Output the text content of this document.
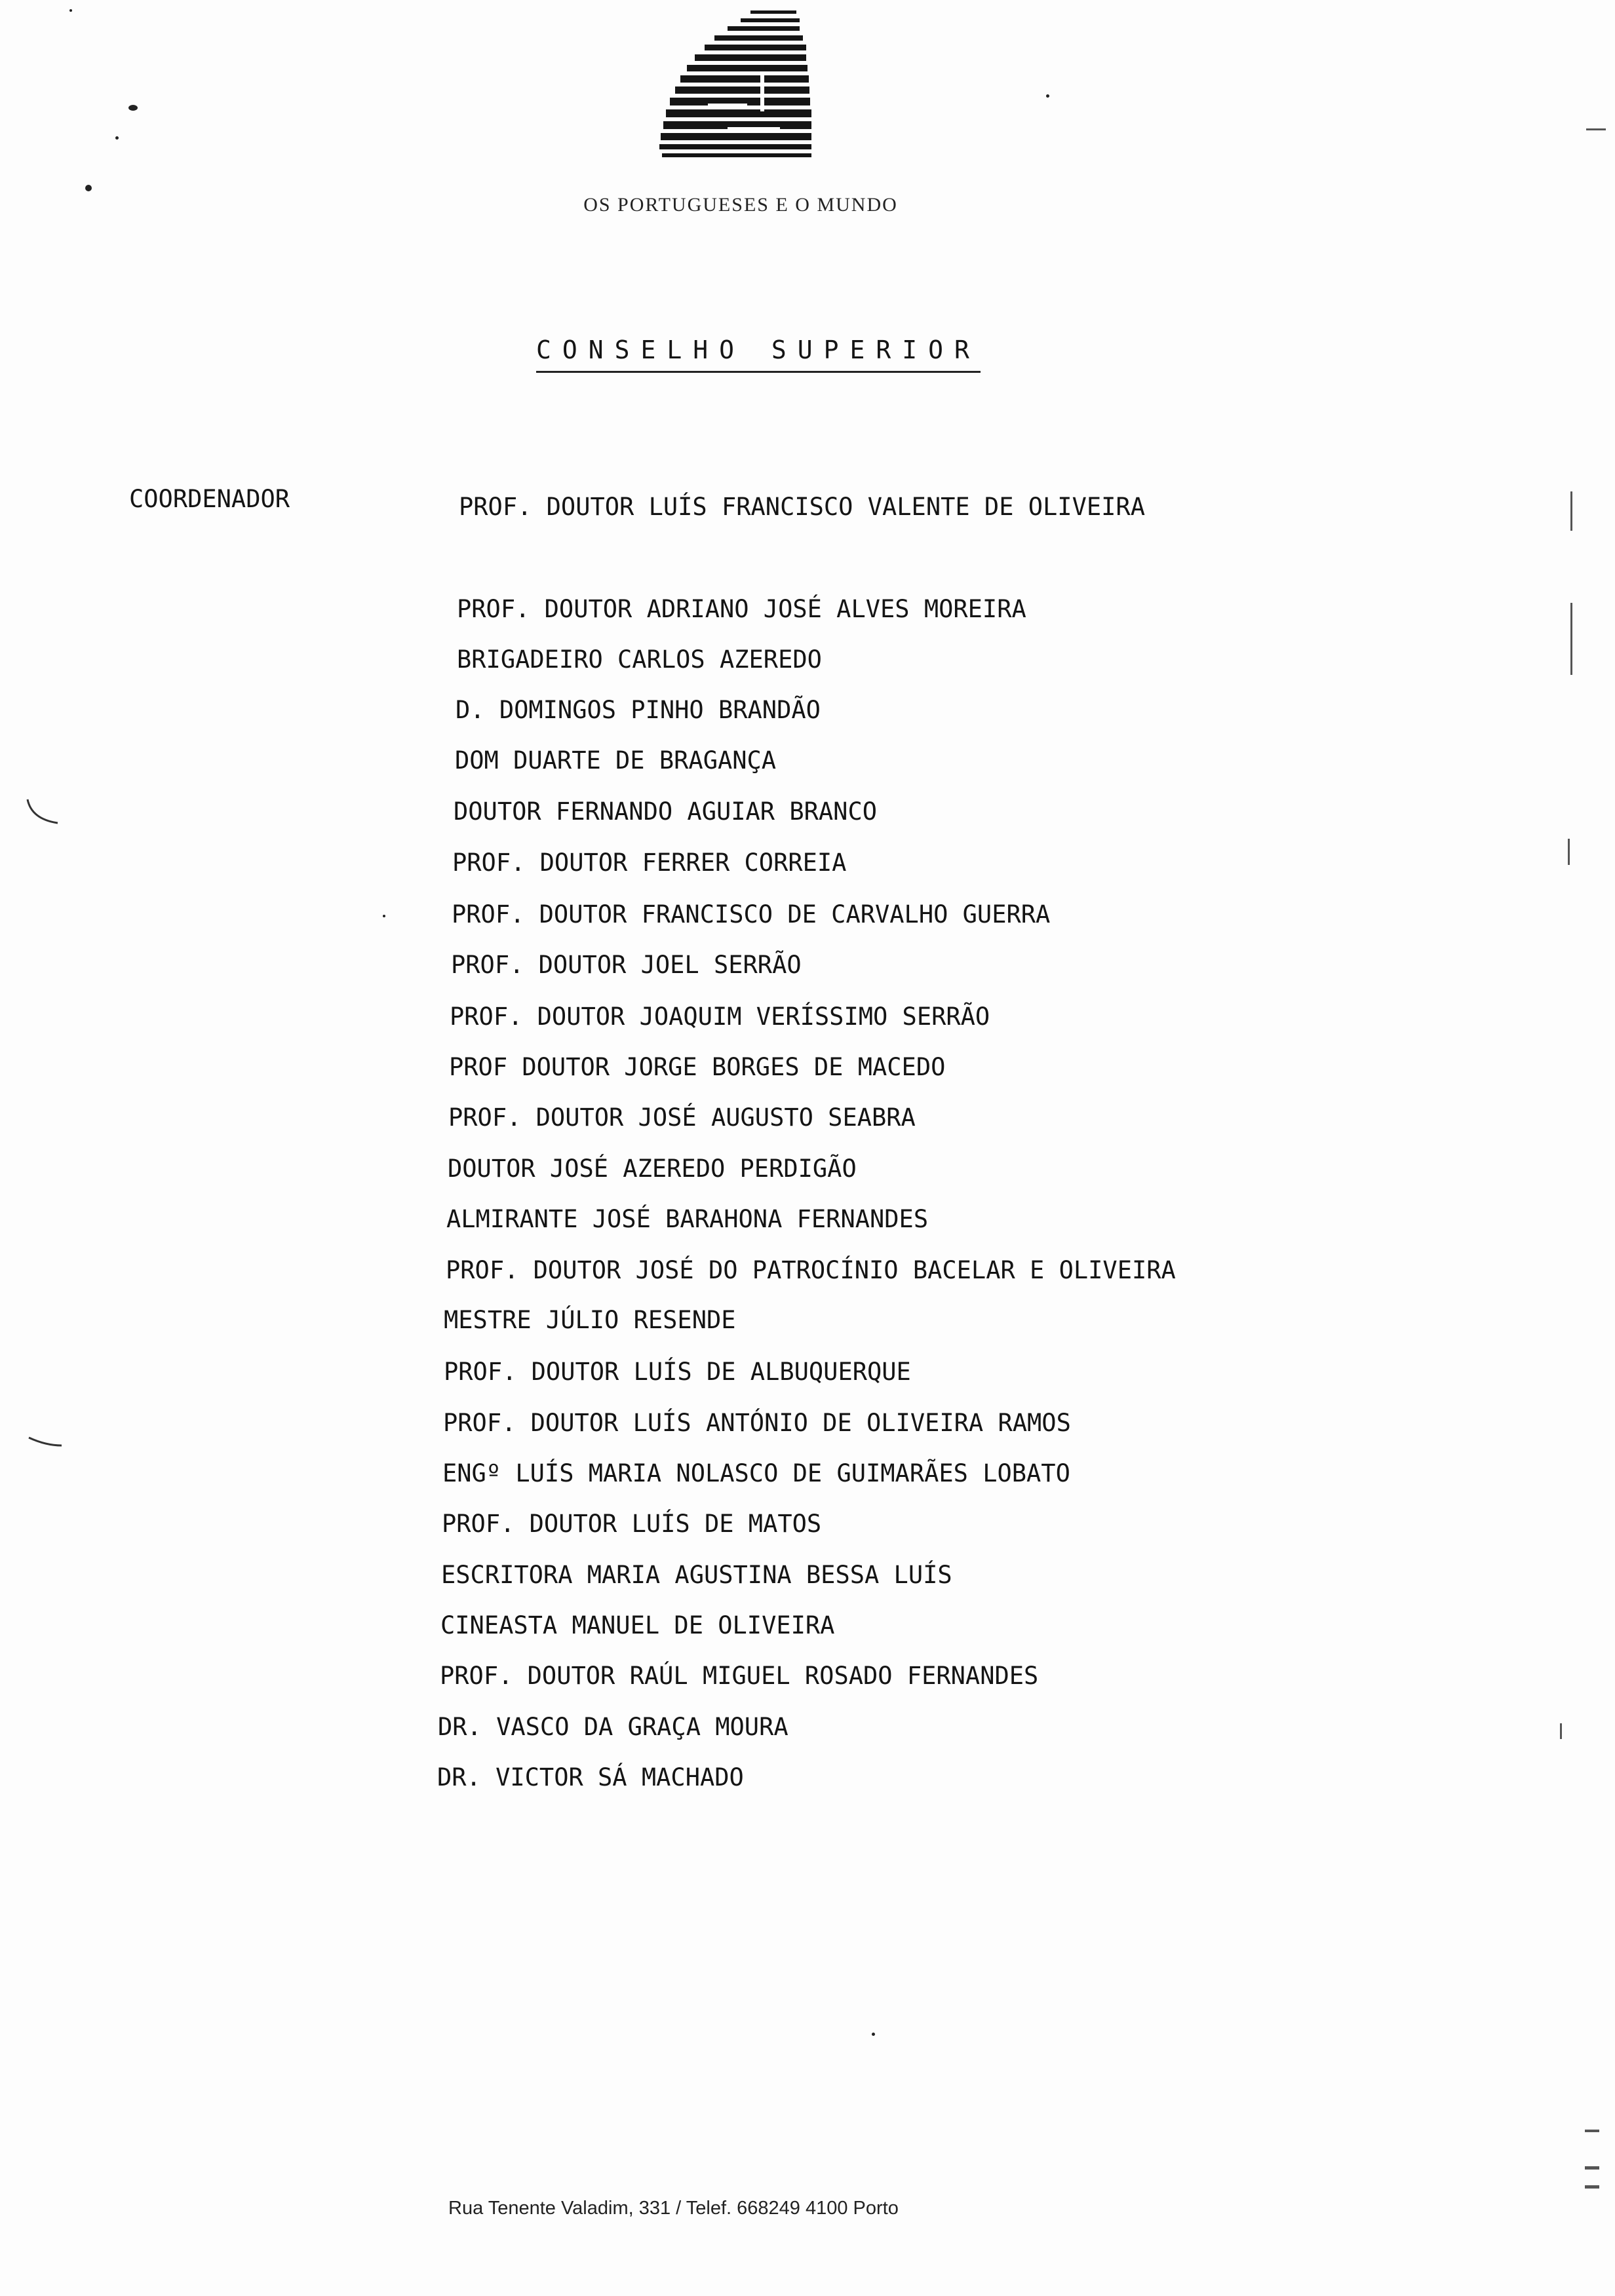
OS PORTUGUESES E O MUNDO
CONSELHO SUPERIOR
COORDENADOR	PROF. DOUTOR LUÍS FRANCISCO VALENTE DE OLIVEIRA
PROF. DOUTOR ADRIANO JOSÉ ALVES MOREIRA
BRIGADEIRO CARLOS AZEREDO
D. DOMINGOS PINHO BRANDÃO
DOM DUARTE DE BRAGANÇA
DOUTOR FERNANDO AGUIAR BRANCO
PROF. DOUTOR FERRER CORREIA
PROF. DOUTOR FRANCISCO DE CARVALHO GUERRA
PROF. DOUTOR JOEL SERRÃO
PROF. DOUTOR JOAQUIM VERÍSSIMO SERRÃO
PROF DOUTOR JORGE BORGES DE MACEDO
PROF. DOUTOR JOSÉ AUGUSTO SEABRA
DOUTOR JOSÉ AZEREDO PERDIGÃO
ALMIRANTE JOSÉ BARAHONA FERNANDES
PROF. DOUTOR JOSÉ DO PATROCÍNIO BACELAR E OLIVEIRA
MESTRE JÚLIO RESENDE
PROF. DOUTOR LUÍS DE ALBUQUERQUE
PROF. DOUTOR LUÍS ANTÓNIO DE OLIVEIRA RAMOS
ENGº LUÍS MARIA NOLASCO DE GUIMARÃES LOBATO
PROF. DOUTOR LUÍS DE MATOS
ESCRITORA MARIA AGUSTINA BESSA LUÍS
CINEASTA MANUEL DE OLIVEIRA
PROF. DOUTOR RAÚL MIGUEL ROSADO FERNANDES
DR. VASCO DA GRAÇA MOURA
DR. VICTOR SÁ MACHADO
Rua Tenente Valadim, 331 / Telef. 668249 4100 Porto
